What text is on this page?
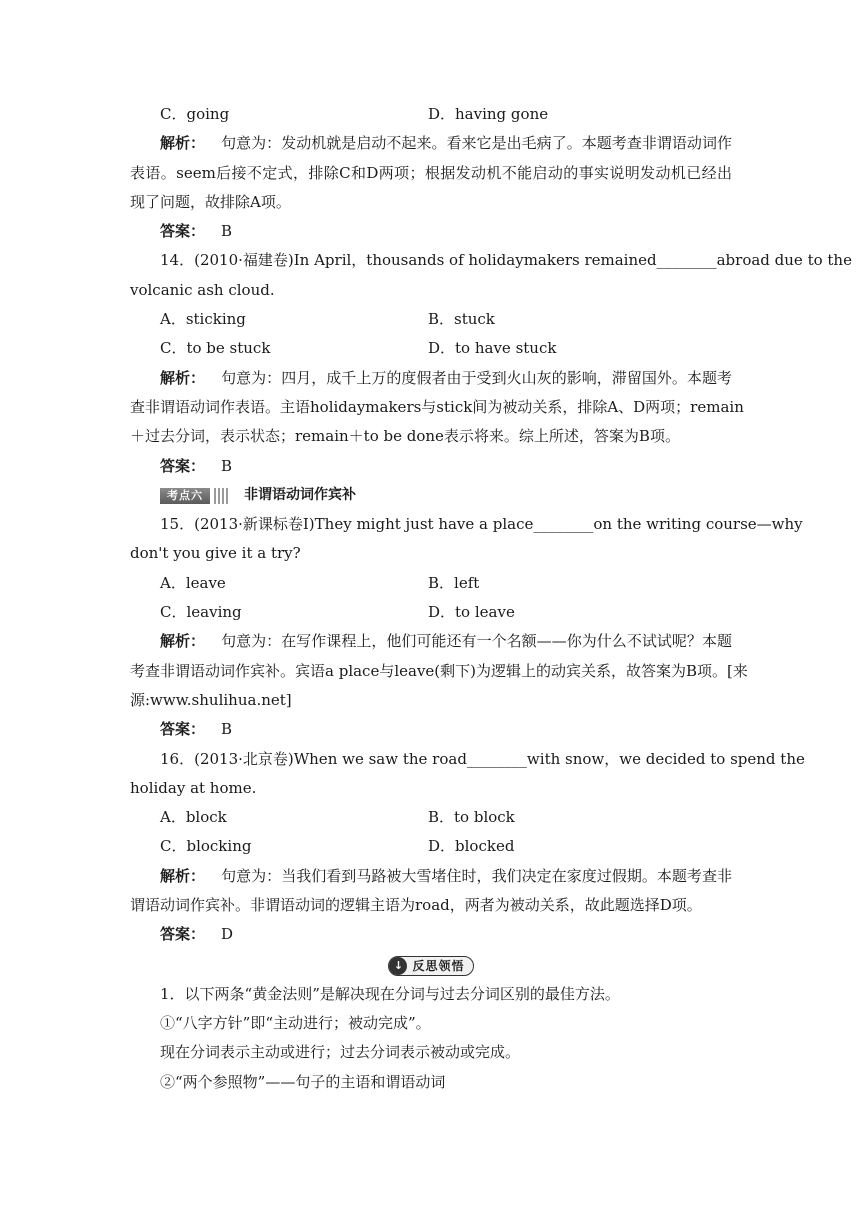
C．going	D．having gone
解析： 句意为：发动机就是启动不起来。看来它是出毛病了。本题考查非谓语动词作
表语。seem后接不定式，排除C和D两项；根据发动机不能启动的事实说明发动机已经出
现了问题，故排除A项。
答案： B
14．(2010·福建卷)In April，thousands of holidaymakers remained________abroad due to the
volcanic ash cloud.
A．sticking	B．stuck
C．to be stuck	D．to have stuck
解析： 句意为：四月，成千上万的度假者由于受到火山灰的影响，滞留国外。本题考
查非谓语动词作表语。主语holidaymakers与stick间为被动关系，排除A、D两项；remain
＋过去分词，表示状态；remain＋to be done表示将来。综上所述，答案为B项。
答案： B
考点六	非谓语动词作宾补
15．(2013·新课标卷Ⅰ)They might just have a place________on the writing course—why
don't you give it a try?
A．leave	B．left
C．leaving	D．to leave
解析： 句意为：在写作课程上，他们可能还有一个名额——你为什么不试试呢？本题
考查非谓语动词作宾补。宾语a place与leave(剩下)为逻辑上的动宾关系，故答案为B项。[来
源:www.shulihua.net]
答案： B
16．(2013·北京卷)When we saw the road________with snow，we decided to spend the
holiday at home.
A．block	B．to block
C．blocking	D．blocked
解析： 句意为：当我们看到马路被大雪堵住时，我们决定在家度过假期。本题考查非
谓语动词作宾补。非谓语动词的逻辑主语为road，两者为被动关系，故此题选择D项。
答案： D
↓ 反思领悟
1．以下两条“黄金法则”是解决现在分词与过去分词区别的最佳方法。
①“八字方针”即“主动进行；被动完成”。
现在分词表示主动或进行；过去分词表示被动或完成。
②“两个参照物”——句子的主语和谓语动词
